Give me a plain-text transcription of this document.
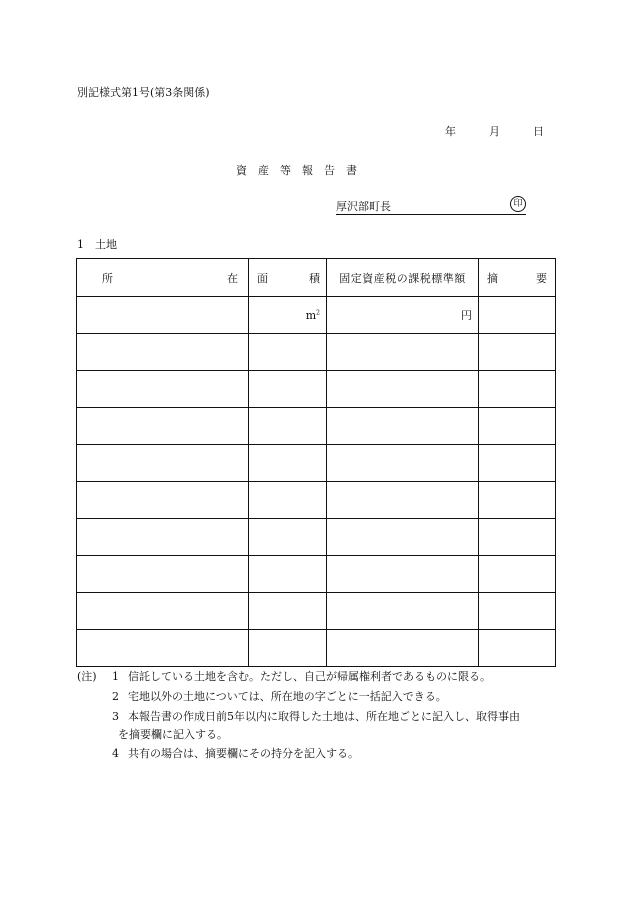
別記様式第1号(第3条関係)
年	月	日
資産等報告書
厚沢部町長	印
1　土地
所 在	面 積	固定資産税の課税標準額	摘 要

	$m^2$	円	

(注) 1 信託している土地を含む。ただし、自己が帰属権利者であるものに限る。
2 宅地以外の土地については、所在地の字ごとに一括記入できる。
3 本報告書の作成日前5年以内に取得した土地は、所在地ごとに記入し、取得事由
を摘要欄に記入する。
4 共有の場合は、摘要欄にその持分を記入する。
